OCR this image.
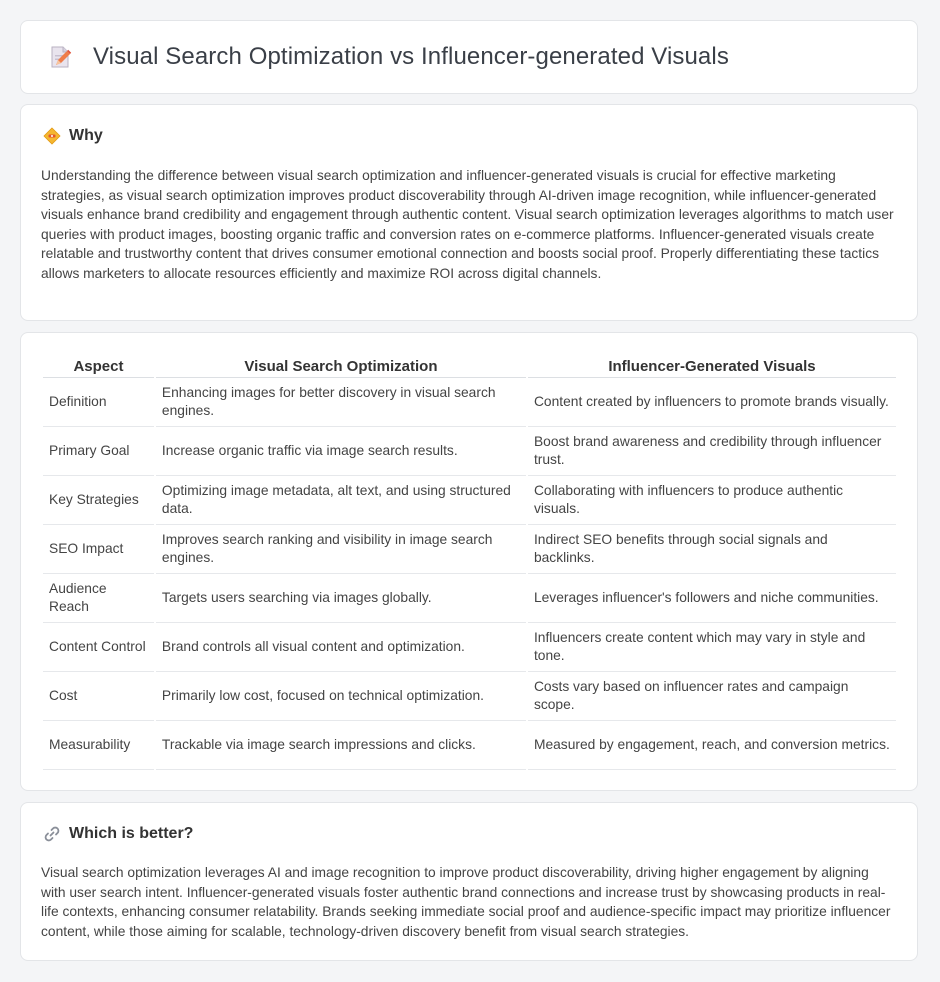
Visual Search Optimization vs Influencer-generated Visuals
Why

Understanding the difference between visual search optimization and influencer-generated visuals is crucial for effective marketing strategies, as visual search optimization improves product discoverability through AI-driven image recognition, while influencer-generated visuals enhance brand credibility and engagement through authentic content. Visual search optimization leverages algorithms to match user queries with product images, boosting organic traffic and conversion rates on e-commerce platforms. Influencer-generated visuals create relatable and trustworthy content that drives consumer emotional connection and boosts social proof. Properly differentiating these tactics allows marketers to allocate resources efficiently and maximize ROI across digital channels.

Aspect	Visual Search Optimization	Influencer-Generated Visuals
Definition	Enhancing images for better discovery in visual search engines.	Content created by influencers to promote brands visually.
Primary Goal	Increase organic traffic via image search results.	Boost brand awareness and credibility through influencer trust.
Key Strategies	Optimizing image metadata, alt text, and using structured data.	Collaborating with influencers to produce authentic visuals.
SEO Impact	Improves search ranking and visibility in image search engines.	Indirect SEO benefits through social signals and backlinks.
Audience Reach	Targets users searching via images globally.	Leverages influencer's followers and niche communities.
Content Control	Brand controls all visual content and optimization.	Influencers create content which may vary in style and tone.
Cost	Primarily low cost, focused on technical optimization.	Costs vary based on influencer rates and campaign scope.
Measurability	Trackable via image search impressions and clicks.	Measured by engagement, reach, and conversion metrics.
Which is better?

Visual search optimization leverages AI and image recognition to improve product discoverability, driving higher engagement by aligning with user search intent. Influencer-generated visuals foster authentic brand connections and increase trust by showcasing products in real-life contexts, enhancing consumer relatability. Brands seeking immediate social proof and audience-specific impact may prioritize influencer content, while those aiming for scalable, technology-driven discovery benefit from visual search strategies.
